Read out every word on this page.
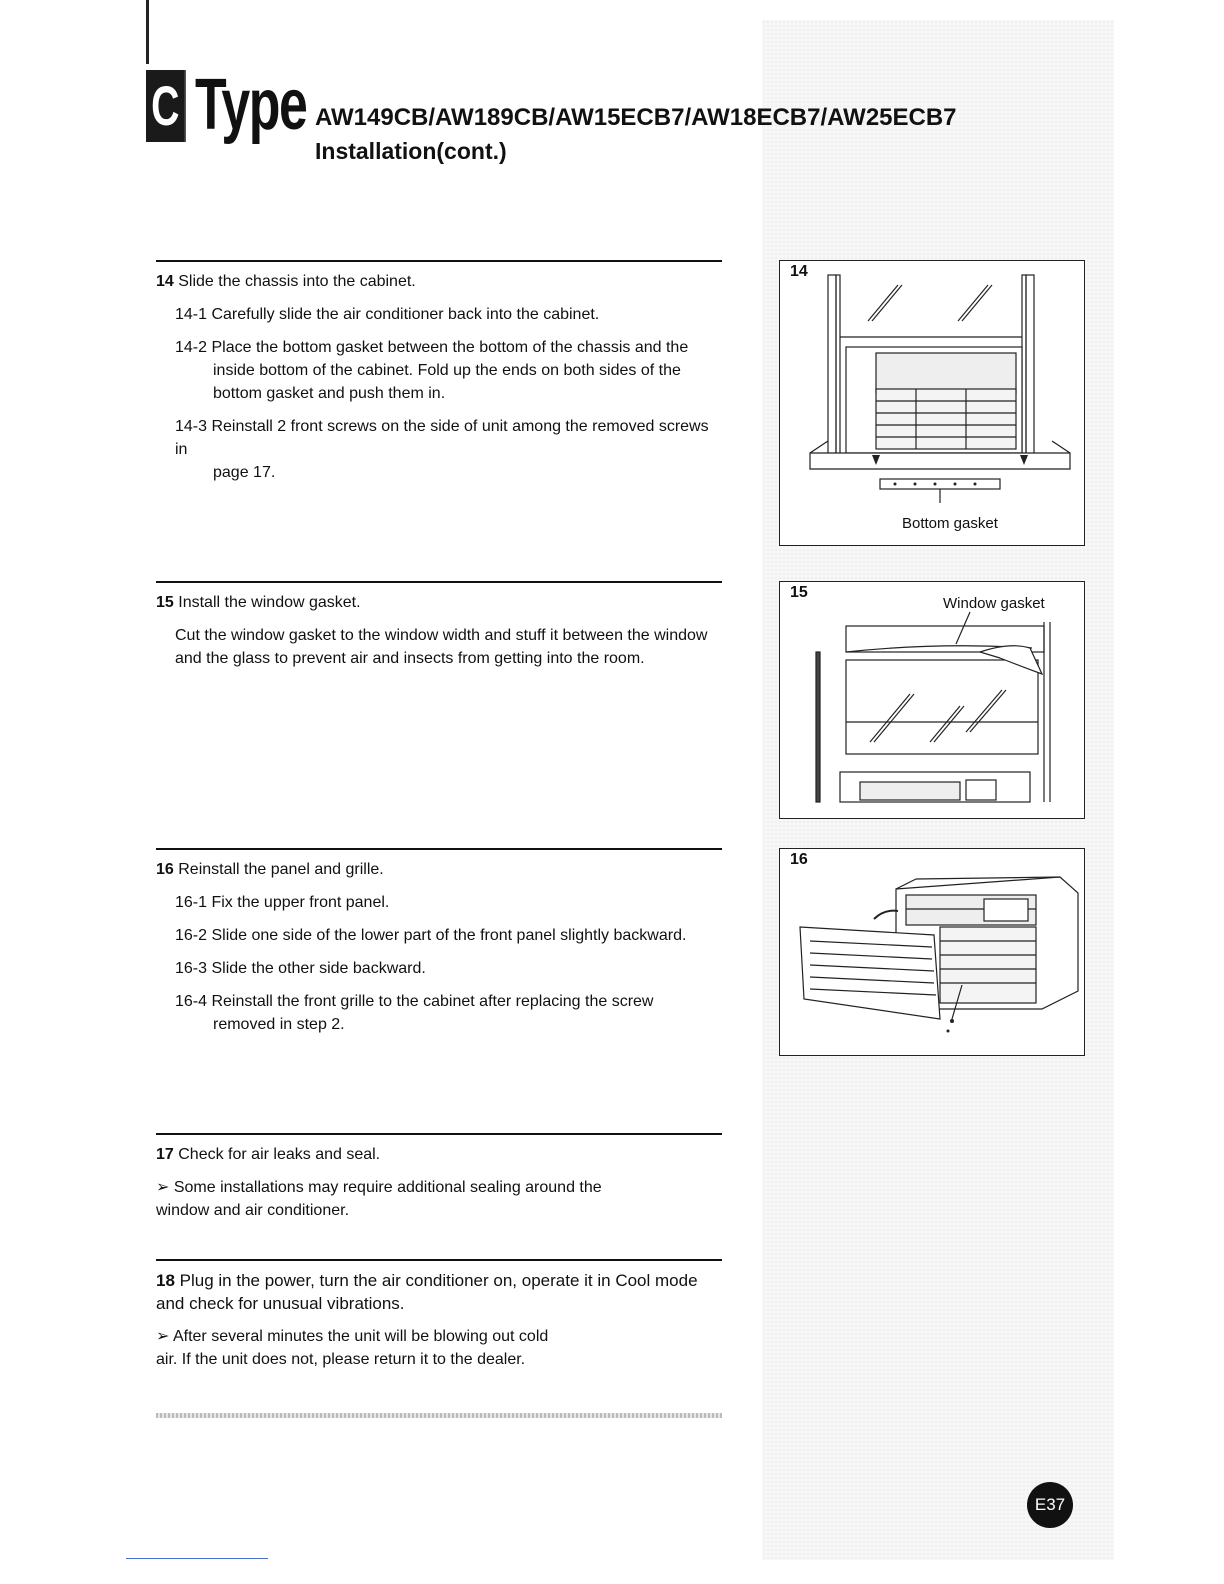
C Type AW149CB/AW189CB/AW15ECB7/AW18ECB7/AW25ECB7
Installation(cont.)

14 Slide the chassis into the cabinet.

14-1 Carefully slide the air conditioner back into the cabinet.

14-2 Place the bottom gasket between the bottom of the chassis and the
inside bottom of the cabinet. Fold up the ends on both sides of the bottom gasket and push them in.

14-3 Reinstall 2 front screws on the side of unit among the removed screws in
page 17.

15 Install the window gasket.

Cut the window gasket to the window width and stuff it between the window and the glass to prevent air and insects from getting into the room.

16 Reinstall the panel and grille.

16-1 Fix the upper front panel.

16-2 Slide one side of the lower part of the front panel slightly backward.

16-3 Slide the other side backward.

16-4 Reinstall the front grille to the cabinet after replacing the screw
removed in step 2.

17 Check for air leaks and seal.

➢ Some installations may require additional sealing around the window and air conditioner.

18 Plug in the power, turn the air conditioner on, operate it in Cool mode and check for unusual vibrations.

➢ After several minutes the unit will be blowing out cold air. If the unit does not, please return it to the dealer.

14
Bottom gasket
15
Window gasket
16
E37
